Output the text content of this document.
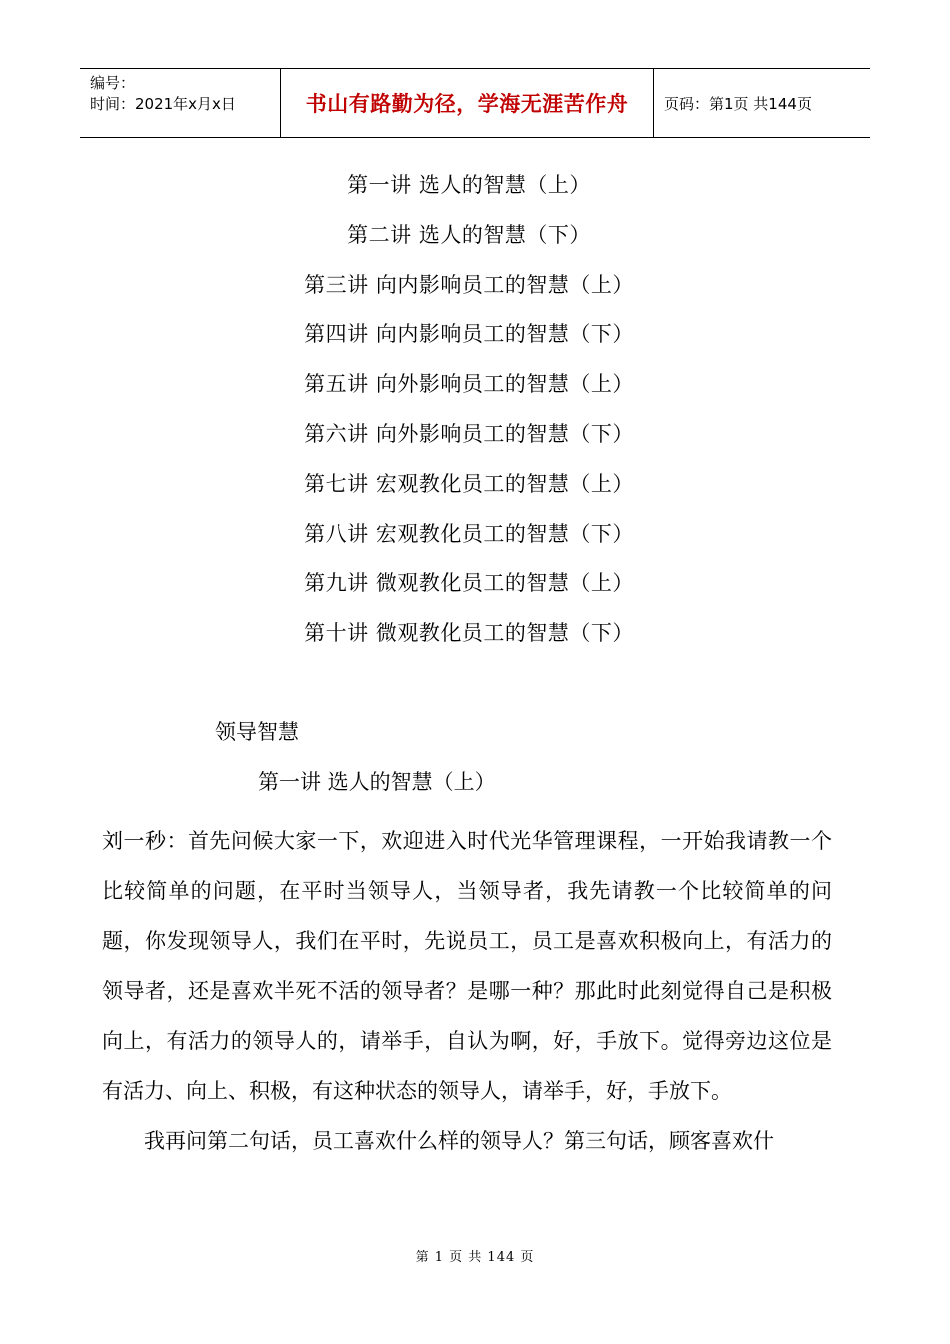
编号：
时间：2021年x月x日	书山有路勤为径，学海无涯苦作舟	页码：第1页 共144页
第一讲 选人的智慧（上）
第二讲 选人的智慧（下）
第三讲 向内影响员工的智慧（上）
第四讲 向内影响员工的智慧（下）
第五讲 向外影响员工的智慧（上）
第六讲 向外影响员工的智慧（下）
第七讲 宏观教化员工的智慧（上）
第八讲 宏观教化员工的智慧（下）
第九讲 微观教化员工的智慧（上）
第十讲 微观教化员工的智慧（下）
领导智慧
第一讲 选人的智慧（上）

刘一秒：首先问候大家一下，欢迎进入时代光华管理课程，一开始我请教一个比较简单的问题，在平时当领导人，当领导者，我先请教一个比较简单的问题，你发现领导人，我们在平时，先说员工，员工是喜欢积极向上，有活力的领导者，还是喜欢半死不活的领导者？是哪一种？那此时此刻觉得自己是积极向上，有活力的领导人的，请举手，自认为啊，好，手放下。觉得旁边这位是有活力、向上、积极，有这种状态的领导人，请举手，好，手放下。

我再问第二句话，员工喜欢什么样的领导人？第三句话，顾客喜欢什

第 1 页 共 144 页
